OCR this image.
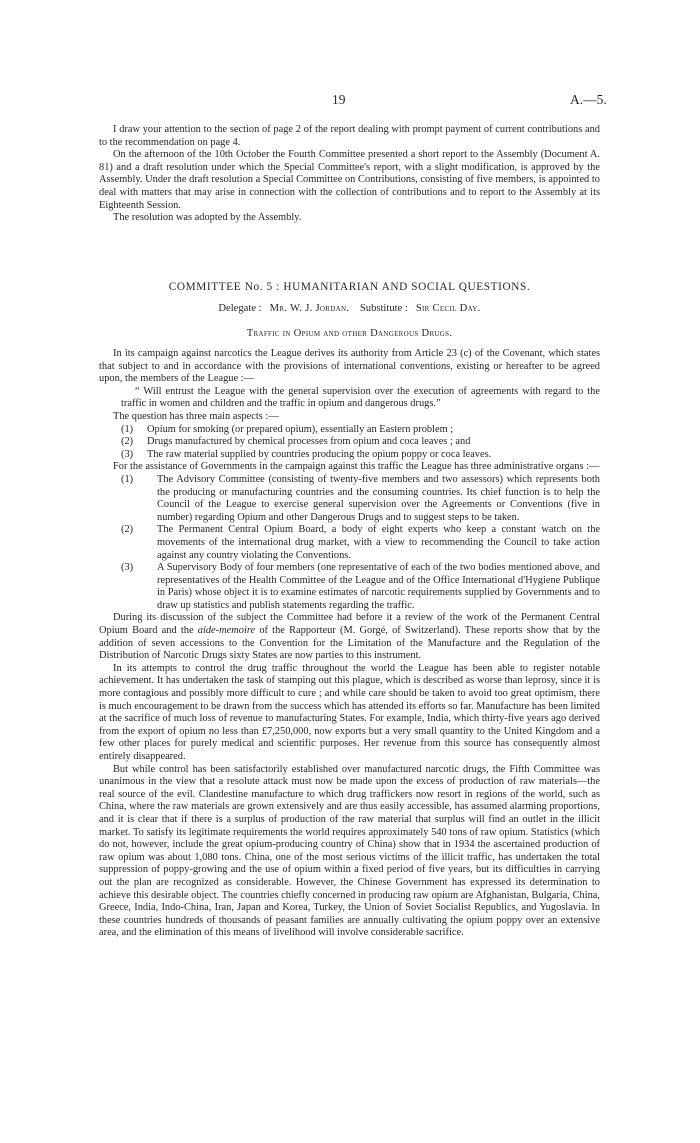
19	A.—5.

I draw your attention to the section of page 2 of the report dealing with prompt payment of current contributions and to the recommendation on page 4.

On the afternoon of the 10th October the Fourth Committee presented a short report to the Assembly (Document A. 81) and a draft resolution under which the Special Committee's report, with a slight modification, is approved by the Assembly. Under the draft resolution a Special Committee on Contributions, consisting of five members, is appointed to deal with matters that may arise in connection with the collection of contributions and to report to the Assembly at its Eighteenth Session.

The resolution was adopted by the Assembly.

COMMITTEE No. 5 : HUMANITARIAN AND SOCIAL QUESTIONS.
Delegate : Mr. W. J. Jordan. Substitute : Sir Cecil Day.
Traffic in Opium and other Dangerous Drugs.

In its campaign against narcotics the League derives its authority from Article 23 (c) of the Covenant, which states that subject to and in accordance with the provisions of international conventions, existing or hereafter to be agreed upon, the members of the League :—

“ Will entrust the League with the general supervision over the execution of agreements with regard to the traffic in women and children and the traffic in opium and dangerous drugs.”

The question has three main aspects :—

(1)	Opium for smoking (or prepared opium), essentially an Eastern problem ;
(2)	Drugs manufactured by chemical processes from opium and coca leaves ; and
(3)	The raw material supplied by countries producing the opium poppy or coca leaves.

For the assistance of Governments in the campaign against this traffic the League has three administrative organs :—

(1)	The Advisory Committee (consisting of twenty-five members and two assessors) which represents both the producing or manufacturing countries and the consuming countries. Its chief function is to help the Council of the League to exercise general supervision over the Agreements or Conventions (five in number) regarding Opium and other Dangerous Drugs and to suggest steps to be taken.
(2)	The Permanent Central Opium Board, a body of eight experts who keep a constant watch on the movements of the international drug market, with a view to recommending the Council to take action against any country violating the Conventions.
(3)	A Supervisory Body of four members (one representative of each of the two bodies mentioned above, and representatives of the Health Committee of the League and of the Office International d'Hygiene Publique in Paris) whose object it is to examine estimates of narcotic requirements supplied by Governments and to draw up statistics and publish statements regarding the traffic.

During its discussion of the subject the Committee had before it a review of the work of the Permanent Central Opium Board and the aide-memoire of the Rapporteur (M. Gorgé, of Switzerland). These reports show that by the addition of seven accessions to the Convention for the Limitation of the Manufacture and the Regulation of the Distribution of Narcotic Drugs sixty States are now parties to this instrument.

In its attempts to control the drug traffic throughout the world the League has been able to register notable achievement. It has undertaken the task of stamping out this plague, which is described as worse than leprosy, since it is more contagious and possibly more difficult to cure ; and while care should be taken to avoid too great optimism, there is much encouragement to be drawn from the success which has attended its efforts so far. Manufacture has been limited at the sacrifice of much loss of revenue to manufacturing States. For example, India, which thirty-five years ago derived from the export of opium no less than £7,250,000, now exports but a very small quantity to the United Kingdom and a few other places for purely medical and scientific purposes. Her revenue from this source has consequently almost entirely disappeared.

But while control has been satisfactorily established over manufactured narcotic drugs, the Fifth Committee was unanimous in the view that a resolute attack must now be made upon the excess of production of raw materials—the real source of the evil. Clandestine manufacture to which drug traffickers now resort in regions of the world, such as China, where the raw materials are grown extensively and are thus easily accessible, has assumed alarming proportions, and it is clear that if there is a surplus of production of the raw material that surplus will find an outlet in the illicit market. To satisfy its legitimate requirements the world requires approximately 540 tons of raw opium. Statistics (which do not, however, include the great opium-producing country of China) show that in 1934 the ascertained production of raw opium was about 1,080 tons. China, one of the most serious victims of the illicit traffic, has undertaken the total suppression of poppy-growing and the use of opium within a fixed period of five years, but its difficulties in carrying out the plan are recognized as considerable. However, the Chinese Government has expressed its determination to achieve this desirable object. The countries chiefly concerned in producing raw opium are Afghanistan, Bulgaria, China, Greece, India, Indo-China, Iran, Japan and Korea, Turkey, the Union of Soviet Socialist Republics, and Yugoslavia. In these countries hundreds of thousands of peasant families are annually cultivating the opium poppy over an extensive area, and the elimination of this means of livelihood will involve considerable sacrifice.
